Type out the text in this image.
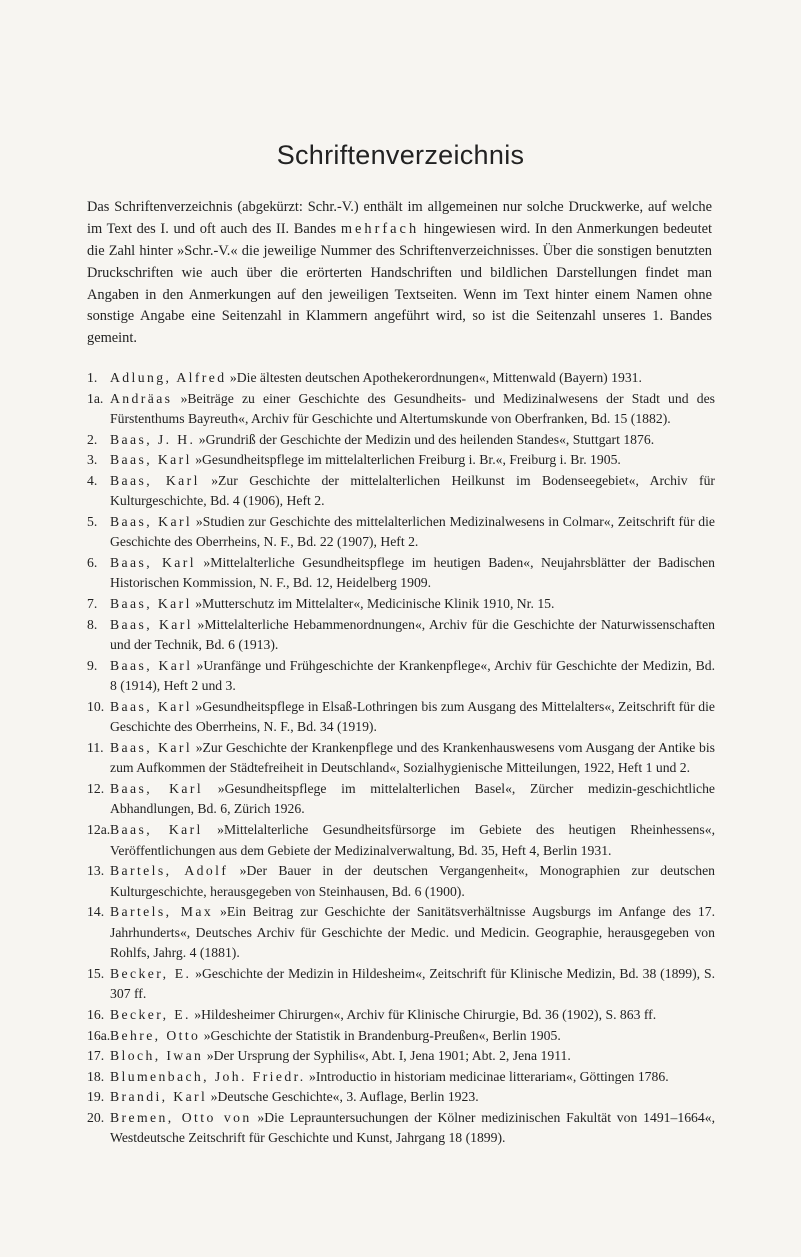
Schriftenverzeichnis

Das Schriftenverzeichnis (abgekürzt: Schr.-V.) enthält im allgemeinen nur solche Druckwerke, auf welche im Text des I. und oft auch des II. Bandes mehrfach hingewiesen wird. In den Anmerkungen bedeutet die Zahl hinter »Schr.-V.« die jeweilige Nummer des Schriftenverzeichnisses. Über die sonstigen benutzten Druckschriften wie auch über die erörterten Handschriften und bildlichen Darstellungen findet man Angaben in den Anmerkungen auf den jeweiligen Textseiten. Wenn im Text hinter einem Namen ohne sonstige Angabe eine Seitenzahl in Klammern angeführt wird, so ist die Seitenzahl unseres 1. Bandes gemeint.

1. Adlung, Alfred »Die ältesten deutschen Apothekerordnungen«, Mittenwald (Bayern) 1931.
1a. Andräas »Beiträge zu einer Geschichte des Gesundheits- und Medizinalwesens der Stadt und des Fürstenthums Bayreuth«, Archiv für Geschichte und Altertumskunde von Oberfranken, Bd. 15 (1882).
2. Baas, J. H. »Grundriß der Geschichte der Medizin und des heilenden Standes«, Stuttgart 1876.
3. Baas, Karl »Gesundheitspflege im mittelalterlichen Freiburg i. Br.«, Freiburg i. Br. 1905.
4. Baas, Karl »Zur Geschichte der mittelalterlichen Heilkunst im Bodenseegebiet«, Archiv für Kulturgeschichte, Bd. 4 (1906), Heft 2.
5. Baas, Karl »Studien zur Geschichte des mittelalterlichen Medizinalwesens in Colmar«, Zeitschrift für die Geschichte des Oberrheins, N. F., Bd. 22 (1907), Heft 2.
6. Baas, Karl »Mittelalterliche Gesundheitspflege im heutigen Baden«, Neujahrsblätter der Badischen Historischen Kommission, N. F., Bd. 12, Heidelberg 1909.
7. Baas, Karl »Mutterschutz im Mittelalter«, Medicinische Klinik 1910, Nr. 15.
8. Baas, Karl »Mittelalterliche Hebammenordnungen«, Archiv für die Geschichte der Naturwissenschaften und der Technik, Bd. 6 (1913).
9. Baas, Karl »Uranfänge und Frühgeschichte der Krankenpflege«, Archiv für Geschichte der Medizin, Bd. 8 (1914), Heft 2 und 3.
10. Baas, Karl »Gesundheitspflege in Elsaß-Lothringen bis zum Ausgang des Mittelalters«, Zeitschrift für die Geschichte des Oberrheins, N. F., Bd. 34 (1919).
11. Baas, Karl »Zur Geschichte der Krankenpflege und des Krankenhauswesens vom Ausgang der Antike bis zum Aufkommen der Städtefreiheit in Deutschland«, Sozialhygienische Mitteilungen, 1922, Heft 1 und 2.
12. Baas, Karl »Gesundheitspflege im mittelalterlichen Basel«, Zürcher medizin-geschichtliche Abhandlungen, Bd. 6, Zürich 1926.
12a. Baas, Karl »Mittelalterliche Gesundheitsfürsorge im Gebiete des heutigen Rheinhessens«, Veröffentlichungen aus dem Gebiete der Medizinalverwaltung, Bd. 35, Heft 4, Berlin 1931.
13. Bartels, Adolf »Der Bauer in der deutschen Vergangenheit«, Monographien zur deutschen Kulturgeschichte, herausgegeben von Steinhausen, Bd. 6 (1900).
14. Bartels, Max »Ein Beitrag zur Geschichte der Sanitätsverhältnisse Augsburgs im Anfange des 17. Jahrhunderts«, Deutsches Archiv für Geschichte der Medic. und Medicin. Geographie, herausgegeben von Rohlfs, Jahrg. 4 (1881).
15. Becker, E. »Geschichte der Medizin in Hildesheim«, Zeitschrift für Klinische Medizin, Bd. 38 (1899), S. 307 ff.
16. Becker, E. »Hildesheimer Chirurgen«, Archiv für Klinische Chirurgie, Bd. 36 (1902), S. 863 ff.
16a. Behre, Otto »Geschichte der Statistik in Brandenburg-Preußen«, Berlin 1905.
17. Bloch, Iwan »Der Ursprung der Syphilis«, Abt. I, Jena 1901; Abt. 2, Jena 1911.
18. Blumenbach, Joh. Friedr. »Introductio in historiam medicinae litterariam«, Göttingen 1786.
19. Brandi, Karl »Deutsche Geschichte«, 3. Auflage, Berlin 1923.
20. Bremen, Otto von »Die Leprauntersuchungen der Kölner medizinischen Fakultät von 1491–1664«, Westdeutsche Zeitschrift für Geschichte und Kunst, Jahrgang 18 (1899).
